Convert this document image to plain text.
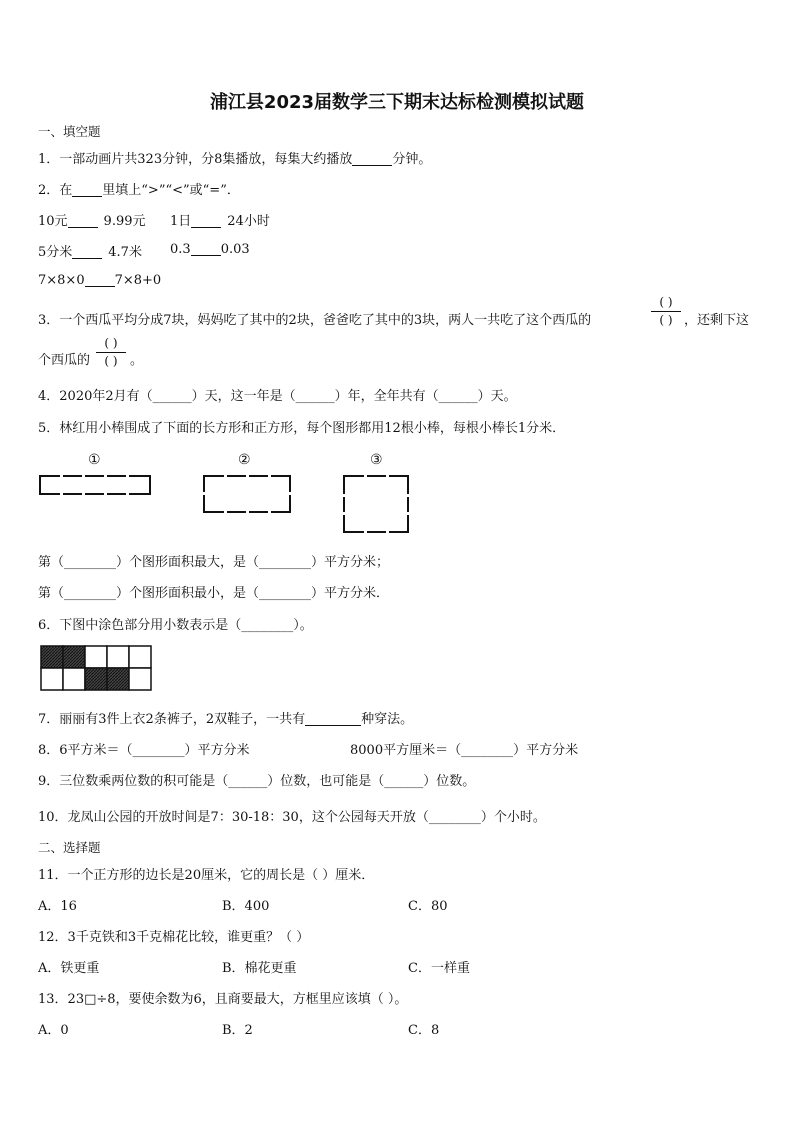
浦江县2023届数学三下期末达标检测模拟试题
一、填空题
1．一部动画片共323分钟，分8集播放，每集大约播放	分钟。
2．在 里填上“>”“<”或“=”．
10元	9.99元 1日	24小时
5分米	4.7米 0.3 0.03
7×8×0 7×8+0
3．一个西瓜平均分成7块，妈妈吃了其中的2块，爸爸吃了其中的3块，两人一共吃了这个西瓜的
( )
( ) ，还剩下这
个西瓜的
( )
( ) 。
4．2020年2月有（______）天，这一年是（______）年，全年共有（______）天。
5．林红用小棒围成了下面的长方形和正方形，每个图形都用12根小棒，每根小棒长1分米．
①	②	③
第（________）个图形面积最大，是（________）平方分米；
第（________）个图形面积最小，是（________）平方分米．
6．下图中涂色部分用小数表示是（________）。
7．丽丽有3件上衣2条裤子，2双鞋子，一共有	种穿法。
8．6平方米＝（________）平方分米	8000平方厘米＝（________）平方分米
9．三位数乘两位数的积可能是（______）位数，也可能是（______）位数。
10．龙凤山公园的开放时间是7：30-18：30，这个公园每天开放（________）个小时。
二、选择题
11．一个正方形的边长是20厘米，它的周长是（ ）厘米．
A．16	B．400	C．80
12．3千克铁和3千克棉花比较，谁更重？（ ）
A．铁更重	B．棉花更重	C．一样重
13．23□÷8，要使余数为6，且商要最大，方框里应该填（ ）。
A．0	B．2	C．8
